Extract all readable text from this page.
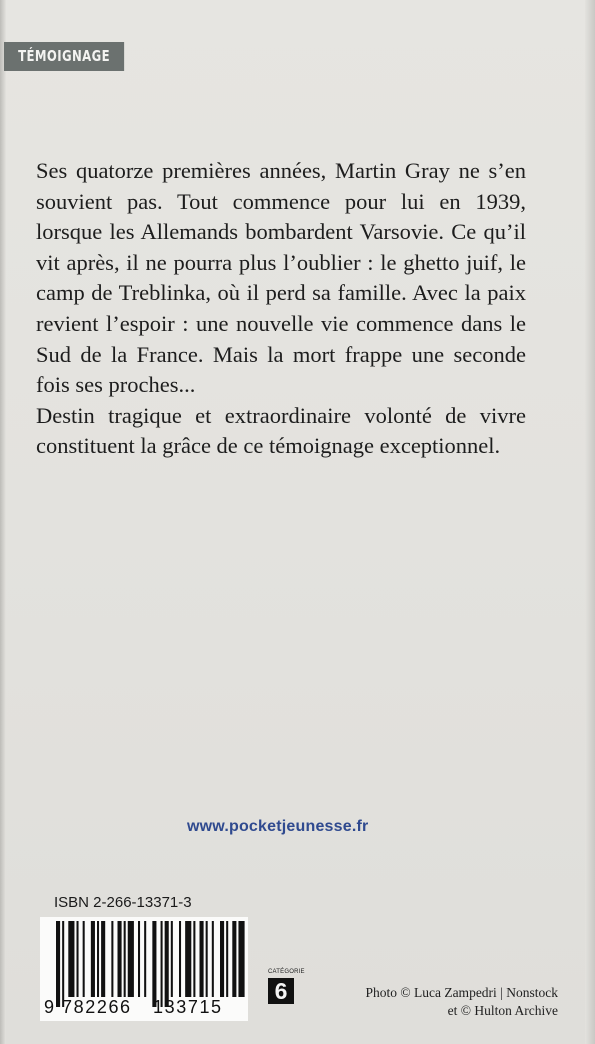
TÉMOIGNAGE

Ses quatorze premières années, Martin Gray ne s’en souvient pas. Tout commence pour lui en 1939, lorsque les Allemands bombardent Varsovie. Ce qu’il vit après, il ne pourra plus l’oublier : le ghetto juif, le camp de Treblinka, où il perd sa famille. Avec la paix revient l’espoir : une nouvelle vie commence dans le Sud de la France. Mais la mort frappe une seconde fois ses proches...

Destin tragique et extraordinaire volonté de vivre constituent la grâce de ce témoignage exceptionnel.

www.pocketjeunesse.fr
ISBN 2-266-13371-3
9 782266 133715
CATÉGORIE
6	Photo © Luca Zampedri | Nonstock
et © Hulton Archive
